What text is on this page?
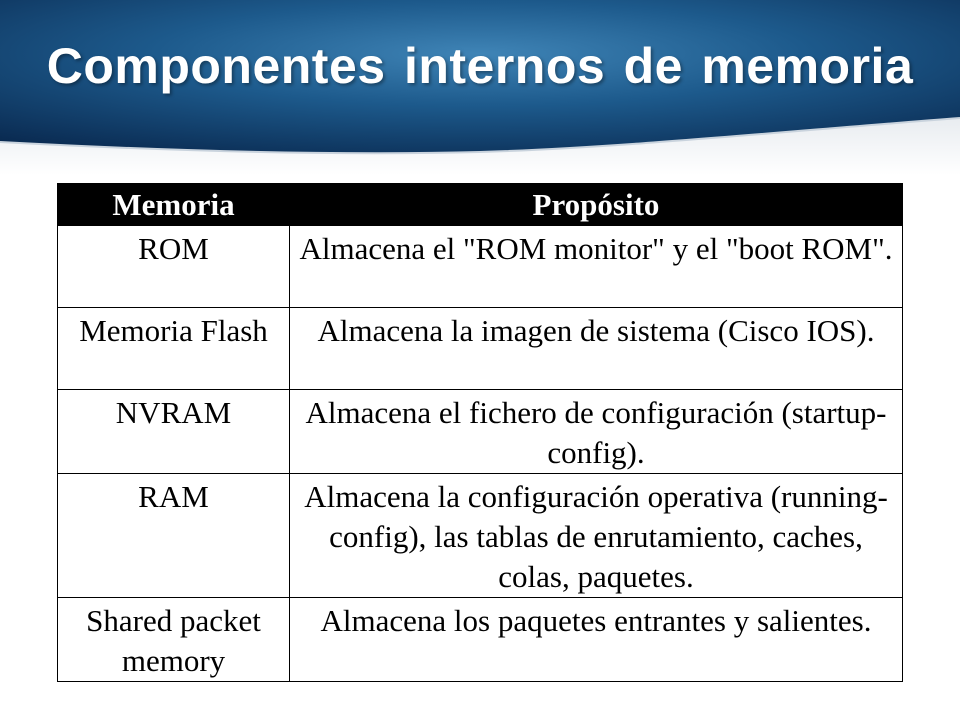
Componentes internos de memoria
Memoria	Propósito
ROM	Almacena el "ROM monitor" y el "boot ROM".
Memoria Flash	Almacena la imagen de sistema (Cisco IOS).
NVRAM	Almacena el fichero de configuración (startup-config).
RAM	Almacena la configuración operativa (running-config), las tablas de enrutamiento, caches, colas, paquetes.
Shared packet memory	Almacena los paquetes entrantes y salientes.
